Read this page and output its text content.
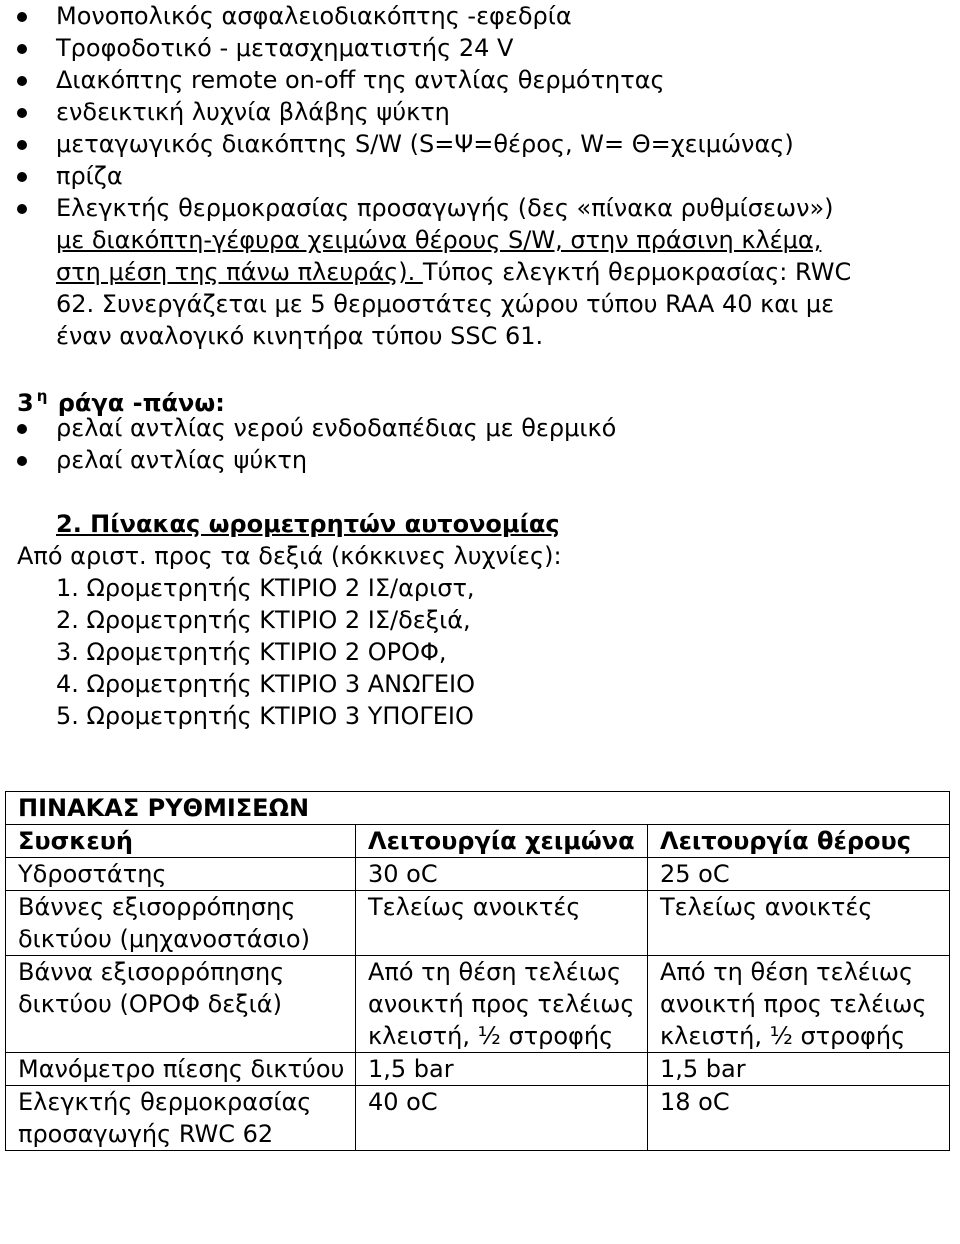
Μονοπολικός ασφαλειοδιακόπτης -εφεδρία
Τροφοδοτικό - μετασχηματιστής 24 V
Διακόπτης remote on-off της αντλίας θερμότητας
ενδεικτική λυχνία βλάβης ψύκτη
μεταγωγικός διακόπτης S/W (S=Ψ=θέρος, W= Θ=χειμώνας)
πρίζα
Ελεγκτής θερμοκρασίας προσαγωγής (δες «πίνακα ρυθμίσεων»)
με διακόπτη-γέφυρα χειμώνα θέρους S/W, στην πράσινη κλέμα,
στη μέση της πάνω πλευράς). Τύπος ελεγκτή θερμοκρασίας: RWC
62. Συνεργάζεται με 5 θερμοστάτες χώρου τύπου RAA 40 και με
έναν αναλογικό κινητήρα τύπου SSC 61.
3 $^\eta$ ράγα -πάνω:
ρελαί αντλίας νερού ενδοδαπέδιας με θερμικό
ρελαί αντλίας ψύκτη
2. Πίνακας ωρομετρητών αυτονομίας
Από αριστ. προς τα δεξιά (κόκκινες λυχνίες):
1. Ωρομετρητής ΚΤΙΡΙΟ 2 ΙΣ/αριστ,
2. Ωρομετρητής ΚΤΙΡΙΟ 2 ΙΣ/δεξιά,
3. Ωρομετρητής ΚΤΙΡΙΟ 2 ΟΡΟΦ,
4. Ωρομετρητής ΚΤΙΡΙΟ 3 ΑΝΩΓΕΙΟ
5. Ωρομετρητής ΚΤΙΡΙΟ 3 ΥΠΟΓΕΙΟ
ΠΙΝΑΚΑΣ ΡΥΘΜΙΣΕΩΝ		
Συσκευή	Λειτουργία χειμώνα	Λειτουργία θέρους
Υδροστάτης	30 oC	25 oC
Βάννες εξισορρόπησης δικτύου (μηχανοστάσιο)	Τελείως ανοικτές	Τελείως ανοικτές
Βάννα εξισορρόπησης δικτύου (ΟΡΟΦ δεξιά)	Από τη θέση τελέιως ανοικτή προς τελέιως κλειστή, ½ στροφής	Από τη θέση τελέιως ανοικτή προς τελέιως κλειστή, ½ στροφής
Μανόμετρο πίεσης δικτύου	1,5 bar	1,5 bar
Ελεγκτής θερμοκρασίας προσαγωγής RWC 62	40 oC	18 oC
